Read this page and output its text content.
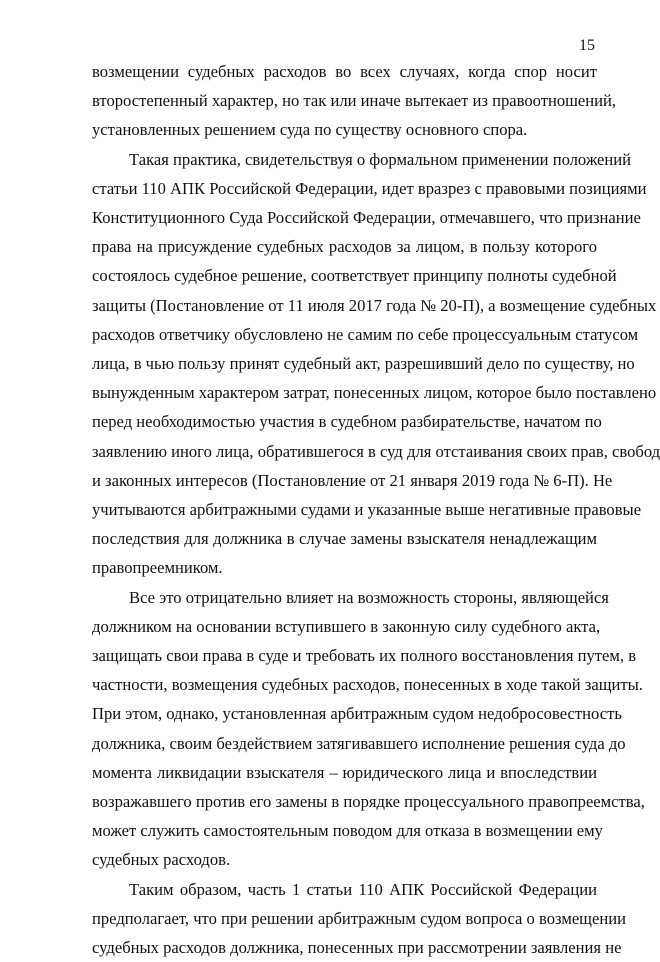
15
возмещении судебных расходов во всех случаях, когда спор носит
второстепенный характер, но так или иначе вытекает из правоотношений,
установленных решением суда по существу основного спора.
Такая практика, свидетельствуя о формальном применении положений
статьи 110 АПК Российской Федерации, идет вразрез с правовыми позициями
Конституционного Суда Российской Федерации, отмечавшего, что признание
права на присуждение судебных расходов за лицом, в пользу которого
состоялось судебное решение, соответствует принципу полноты судебной
защиты (Постановление от 11 июля 2017 года № 20-П), а возмещение судебных
расходов ответчику обусловлено не самим по себе процессуальным статусом
лица, в чью пользу принят судебный акт, разрешивший дело по существу, но
вынужденным характером затрат, понесенных лицом, которое было поставлено
перед необходимостью участия в судебном разбирательстве, начатом по
заявлению иного лица, обратившегося в суд для отстаивания своих прав, свобод
и законных интересов (Постановление от 21 января 2019 года № 6-П). Не
учитываются арбитражными судами и указанные выше негативные правовые
последствия для должника в случае замены взыскателя ненадлежащим
правопреемником.
Все это отрицательно влияет на возможность стороны, являющейся
должником на основании вступившего в законную силу судебного акта,
защищать свои права в суде и требовать их полного восстановления путем, в
частности, возмещения судебных расходов, понесенных в ходе такой защиты.
При этом, однако, установленная арбитражным судом недобросовестность
должника, своим бездействием затягивавшего исполнение решения суда до
момента ликвидации взыскателя – юридического лица и впоследствии
возражавшего против его замены в порядке процессуального правопреемства,
может служить самостоятельным поводом для отказа в возмещении ему
судебных расходов.
Таким образом, часть 1 статьи 110 АПК Российской Федерации
предполагает, что при решении арбитражным судом вопроса о возмещении
судебных расходов должника, понесенных при рассмотрении заявления не
